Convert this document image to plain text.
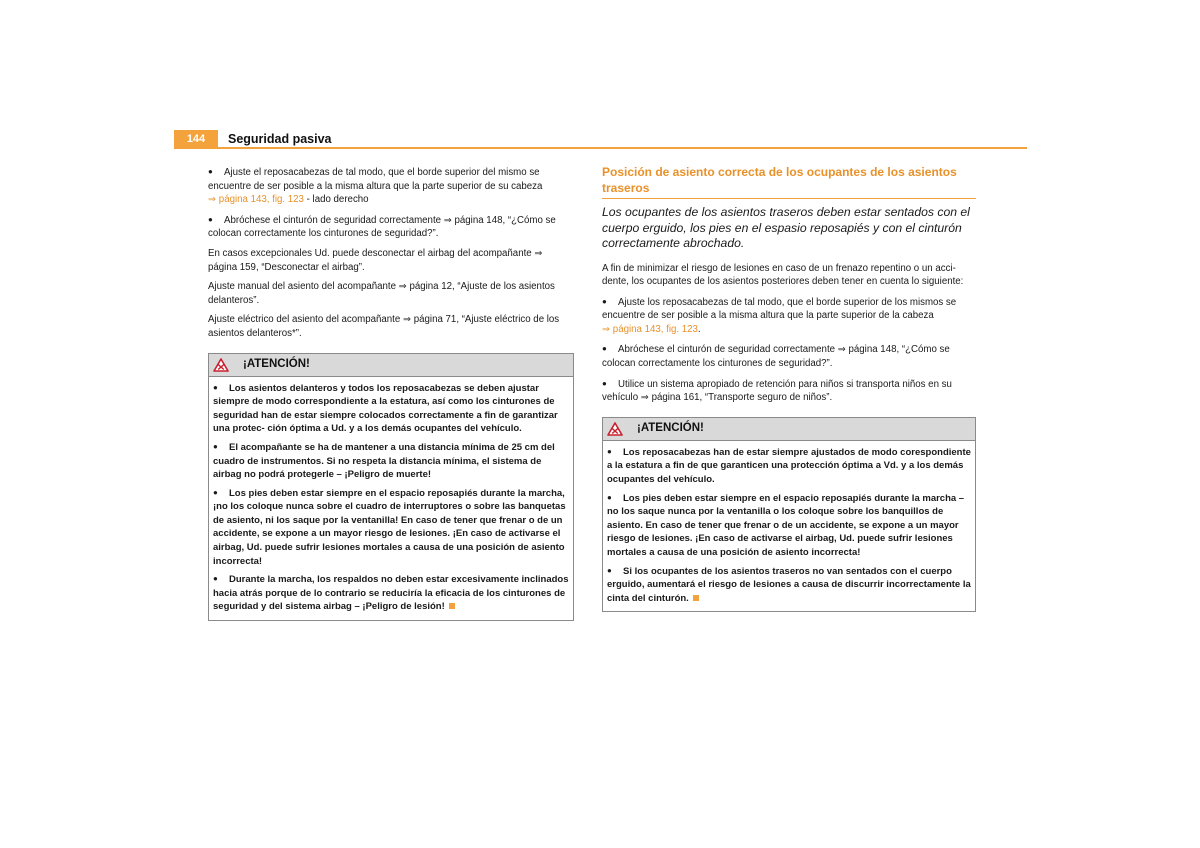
144	Seguridad pasiva

● Ajuste el reposacabezas de tal modo, que el borde superior del mismo se encuentre de ser posible a la misma altura que la parte superior de su cabeza
⇒ página 143, fig. 123 - lado derecho

● Abróchese el cinturón de seguridad correctamente ⇒ página 148, “¿Cómo se colocan correctamente los cinturones de seguridad?”.

En casos excepcionales Ud. puede desconectar el airbag del acompañante ⇒ página 159, “Desconectar el airbag”.

Ajuste manual del asiento del acompañante ⇒ página 12, “Ajuste de los asientos delanteros”.

Ajuste eléctrico del asiento del acompañante ⇒ página 71, “Ajuste eléctrico de los asientos delanteros*”.

¡ATENCIÓN!

● Los asientos delanteros y todos los reposacabezas se deben ajustar siempre de modo correspondiente a la estatura, así como los cinturones de seguridad han de estar siempre colocados correctamente a fin de garantizar una protec- ción óptima a Ud. y a los demás ocupantes del vehículo.

● El acompañante se ha de mantener a una distancia mínima de 25 cm del cuadro de instrumentos. Si no respeta la distancia mínima, el sistema de airbag no podrá protegerle – ¡Peligro de muerte!

● Los pies deben estar siempre en el espacio reposapiés durante la marcha, ¡no los coloque nunca sobre el cuadro de interruptores o sobre las banquetas de asiento, ni los saque por la ventanilla! En caso de tener que frenar o de un accidente, se expone a un mayor riesgo de lesiones. ¡En caso de activarse el airbag, Ud. puede sufrir lesiones mortales a causa de una posición de asiento incorrecta!

● Durante la marcha, los respaldos no deben estar excesivamente inclinados hacia atrás porque de lo contrario se reduciría la eficacia de los cinturones de seguridad y del sistema airbag – ¡Peligro de lesión!

Posición de asiento correcta de los ocupantes de los asientos traseros
Los ocupantes de los asientos traseros deben estar sentados con el cuerpo erguido, los pies en el espasio reposapiés y con el cinturón correctamente abrochado.

A fin de minimizar el riesgo de lesiones en caso de un frenazo repentino o un acci- dente, los ocupantes de los asientos posteriores deben tener en cuenta lo siguiente:

● Ajuste los reposacabezas de tal modo, que el borde superior de los mismos se encuentre de ser posible a la misma altura que la parte superior de la cabeza
⇒ página 143, fig. 123.

● Abróchese el cinturón de seguridad correctamente ⇒ página 148, “¿Cómo se colocan correctamente los cinturones de seguridad?”.

● Utilice un sistema apropiado de retención para niños si transporta niños en su vehículo ⇒ página 161, “Transporte seguro de niños”.

¡ATENCIÓN!

● Los reposacabezas han de estar siempre ajustados de modo corespondiente a la estatura a fin de que garanticen una protección óptima a Vd. y a los demás ocupantes del vehículo.

● Los pies deben estar siempre en el espacio reposapiés durante la marcha – no los saque nunca por la ventanilla o los coloque sobre los banquillos de asiento. En caso de tener que frenar o de un accidente, se expone a un mayor riesgo de lesiones. ¡En caso de activarse el airbag, Ud. puede sufrir lesiones mortales a causa de una posición de asiento incorrecta!

● Si los ocupantes de los asientos traseros no van sentados con el cuerpo erguido, aumentará el riesgo de lesiones a causa de discurrir incorrectamente la cinta del cinturón.
